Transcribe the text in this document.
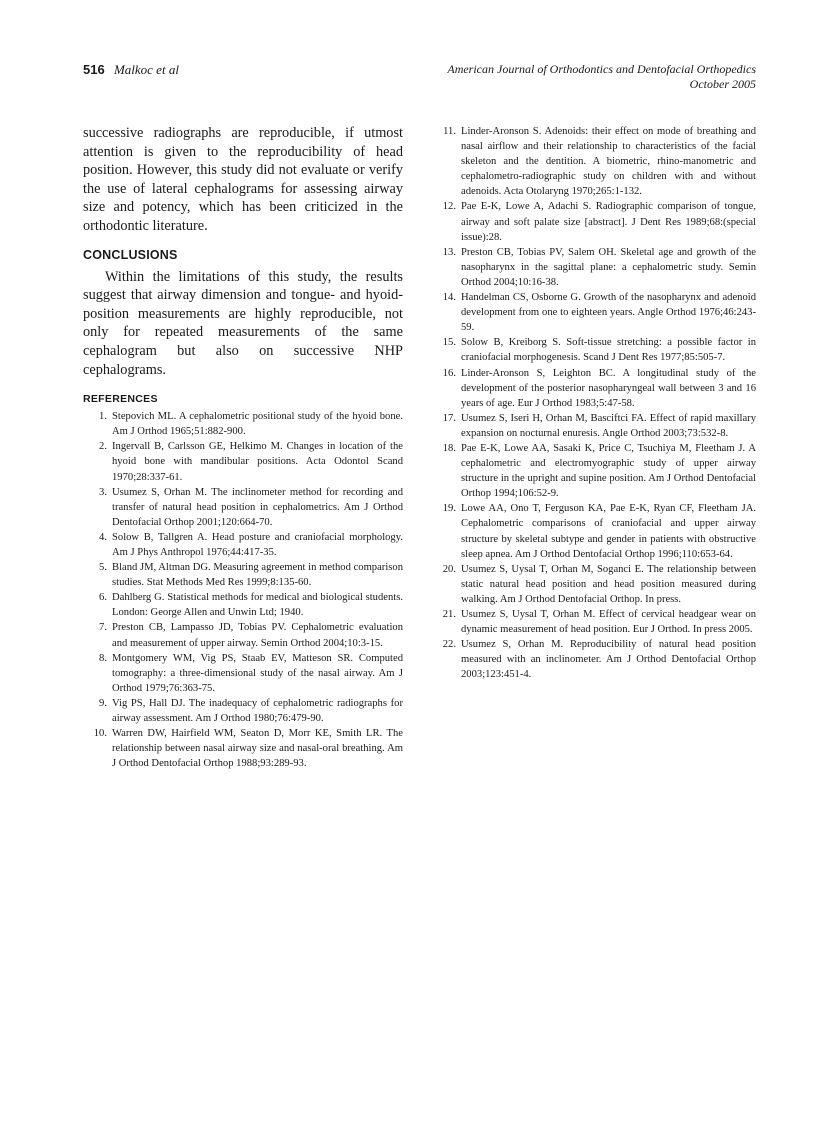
516 Malkoc et al	American Journal of Orthodontics and Dentofacial Orthopedics
October 2005

successive radiographs are reproducible, if utmost attention is given to the reproducibility of head position. However, this study did not evaluate or verify the use of lateral cephalograms for assessing airway size and potency, which has been criticized in the orthodontic literature.

CONCLUSIONS

Within the limitations of this study, the results suggest that airway dimension and tongue- and hyoid-position measurements are highly reproducible, not only for repeated measurements of the same cephalogram but also on successive NHP cephalograms.

REFERENCES
1. Stepovich ML. A cephalometric positional study of the hyoid bone. Am J Orthod 1965;51:882-900.
2. Ingervall B, Carlsson GE, Helkimo M. Changes in location of the hyoid bone with mandibular positions. Acta Odontol Scand 1970;28:337-61.
3. Usumez S, Orhan M. The inclinometer method for recording and transfer of natural head position in cephalometrics. Am J Orthod Dentofacial Orthop 2001;120:664-70.
4. Solow B, Tallgren A. Head posture and craniofacial morphology. Am J Phys Anthropol 1976;44:417-35.
5. Bland JM, Altman DG. Measuring agreement in method comparison studies. Stat Methods Med Res 1999;8:135-60.
6. Dahlberg G. Statistical methods for medical and biological students. London: George Allen and Unwin Ltd; 1940.
7. Preston CB, Lampasso JD, Tobias PV. Cephalometric evaluation and measurement of upper airway. Semin Orthod 2004;10:3-15.
8. Montgomery WM, Vig PS, Staab EV, Matteson SR. Computed tomography: a three-dimensional study of the nasal airway. Am J Orthod 1979;76:363-75.
9. Vig PS, Hall DJ. The inadequacy of cephalometric radiographs for airway assessment. Am J Orthod 1980;76:479-90.
10. Warren DW, Hairfield WM, Seaton D, Morr KE, Smith LR. The relationship between nasal airway size and nasal-oral breathing. Am J Orthod Dentofacial Orthop 1988;93:289-93.
11. Linder-Aronson S. Adenoids: their effect on mode of breathing and nasal airflow and their relationship to characteristics of the facial skeleton and the dentition. A biometric, rhino-manometric and cephalometro-radiographic study on children with and without adenoids. Acta Otolaryng 1970;265:1-132.
12. Pae E-K, Lowe A, Adachi S. Radiographic comparison of tongue, airway and soft palate size [abstract]. J Dent Res 1989;68:(special issue):28.
13. Preston CB, Tobias PV, Salem OH. Skeletal age and growth of the nasopharynx in the sagittal plane: a cephalometric study. Semin Orthod 2004;10:16-38.
14. Handelman CS, Osborne G. Growth of the nasopharynx and adenoid development from one to eighteen years. Angle Orthod 1976;46:243-59.
15. Solow B, Kreiborg S. Soft-tissue stretching: a possible factor in craniofacial morphogenesis. Scand J Dent Res 1977;85:505-7.
16. Linder-Aronson S, Leighton BC. A longitudinal study of the development of the posterior nasopharyngeal wall between 3 and 16 years of age. Eur J Orthod 1983;5:47-58.
17. Usumez S, Iseri H, Orhan M, Basciftci FA. Effect of rapid maxillary expansion on nocturnal enuresis. Angle Orthod 2003;73:532-8.
18. Pae E-K, Lowe AA, Sasaki K, Price C, Tsuchiya M, Fleetham J. A cephalometric and electromyographic study of upper airway structure in the upright and supine position. Am J Orthod Dentofacial Orthop 1994;106:52-9.
19. Lowe AA, Ono T, Ferguson KA, Pae E-K, Ryan CF, Fleetham JA. Cephalometric comparisons of craniofacial and upper airway structure by skeletal subtype and gender in patients with obstructive sleep apnea. Am J Orthod Dentofacial Orthop 1996;110:653-64.
20. Usumez S, Uysal T, Orhan M, Soganci E. The relationship between static natural head position and head position measured during walking. Am J Orthod Dentofacial Orthop. In press.
21. Usumez S, Uysal T, Orhan M. Effect of cervical headgear wear on dynamic measurement of head position. Eur J Orthod. In press 2005.
22. Usumez S, Orhan M. Reproducibility of natural head position measured with an inclinometer. Am J Orthod Dentofacial Orthop 2003;123:451-4.
